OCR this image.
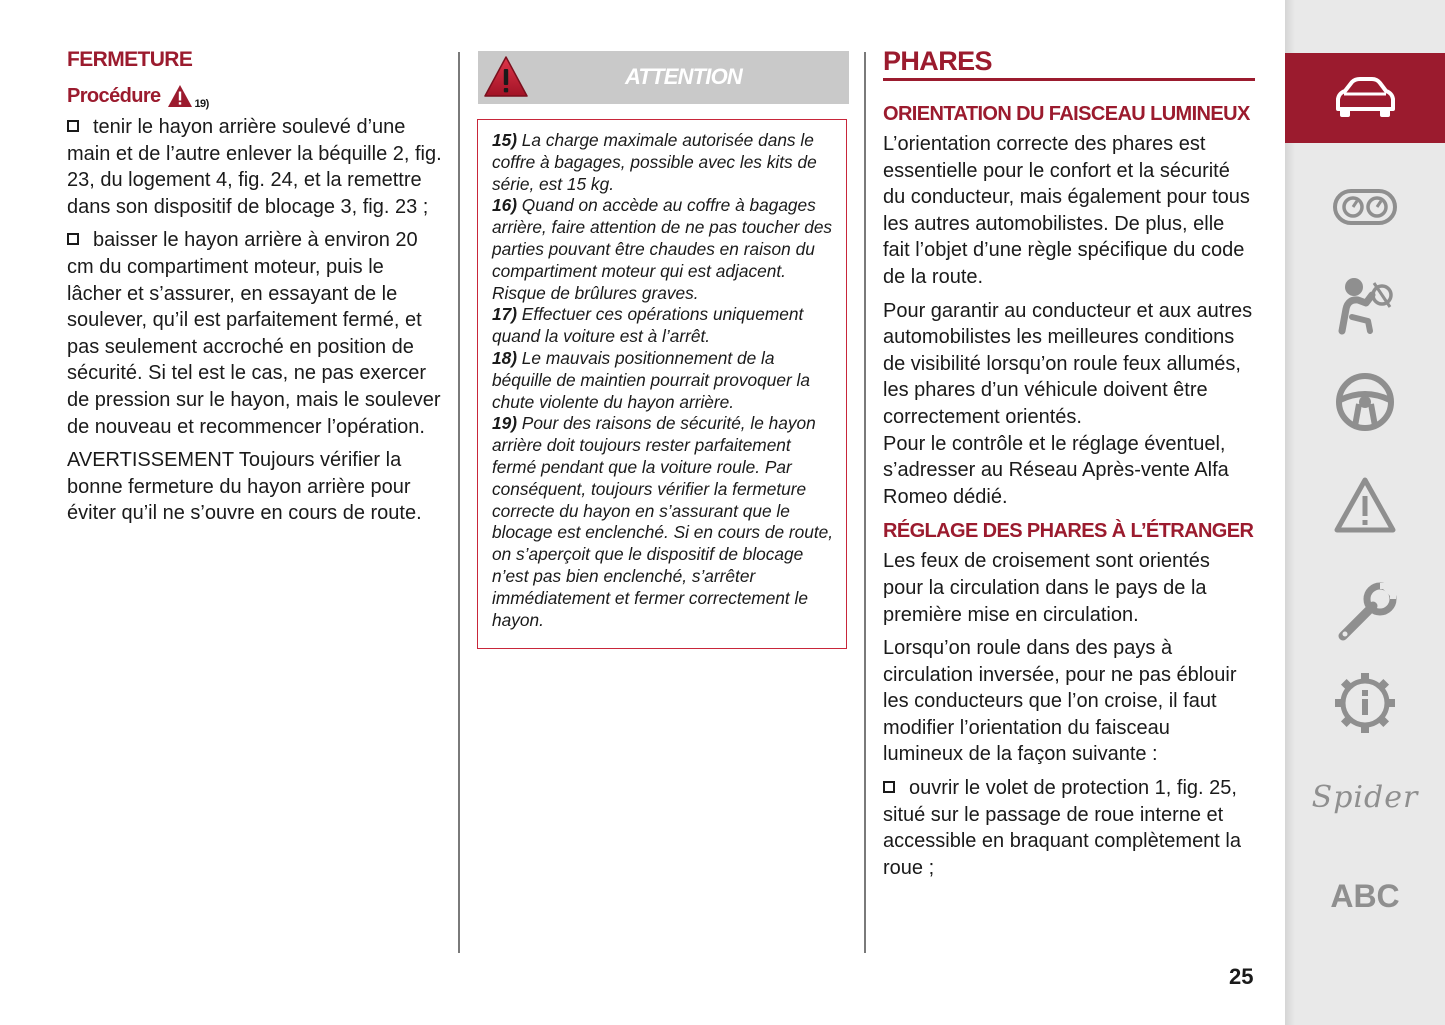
FERMETURE
Procédure	19)

tenir le hayon arrière soulevé d’une main et de l’autre enlever la béquille 2, fig. 23, du logement 4, fig. 24, et la remettre dans son dispositif de blocage 3, fig. 23 ;

baisser le hayon arrière à environ 20 cm du compartiment moteur, puis le lâcher et s’assurer, en essayant de le soulever, qu’il est parfaitement fermé, et pas seulement accroché en position de sécurité. Si tel est le cas, ne pas exercer de pression sur le hayon, mais le soulever de nouveau et recommencer l’opération.

AVERTISSEMENT Toujours vérifier la bonne fermeture du hayon arrière pour éviter qu’il ne s’ouvre en cours de route.

ATTENTION

15) La charge maximale autorisée dans le coffre à bagages, possible avec les kits de série, est 15 kg.

16) Quand on accède au coffre à bagages arrière, faire attention de ne pas toucher des parties pouvant être chaudes en raison du compartiment moteur qui est adjacent. Risque de brûlures graves.

17) Effectuer ces opérations uniquement quand la voiture est à l’arrêt.

18) Le mauvais positionnement de la béquille de maintien pourrait provoquer la chute violente du hayon arrière.

19) Pour des raisons de sécurité, le hayon arrière doit toujours rester parfaitement fermé pendant que la voiture roule. Par conséquent, toujours vérifier la fermeture correcte du hayon en s’assurant que le blocage est enclenché. Si en cours de route, on s’aperçoit que le dispositif de blocage n’est pas bien enclenché, s’arrêter immédiatement et fermer correctement le hayon.

PHARES
ORIENTATION DU FAISCEAU LUMINEUX

L’orientation correcte des phares est essentielle pour le confort et la sécurité du conducteur, mais également pour tous les autres automobilistes. De plus, elle fait l’objet d’une règle spécifique du code de la route.

Pour garantir au conducteur et aux autres automobilistes les meilleures conditions de visibilité lorsqu’on roule feux allumés, les phares d’un véhicule doivent être correctement orientés.

Pour le contrôle et le réglage éventuel, s’adresser au Réseau Après-vente Alfa Romeo dédié.

RÉGLAGE DES PHARES À L’ÉTRANGER

Les feux de croisement sont orientés pour la circulation dans le pays de la première mise en circulation.

Lorsqu’on roule dans des pays à circulation inversée, pour ne pas éblouir les conducteurs que l’on croise, il faut modifier l’orientation du faisceau lumineux de la façon suivante :

ouvrir le volet de protection 1, fig. 25, situé sur le passage de roue interne et accessible en braquant complètement la roue ;

25
Spider
ABC
